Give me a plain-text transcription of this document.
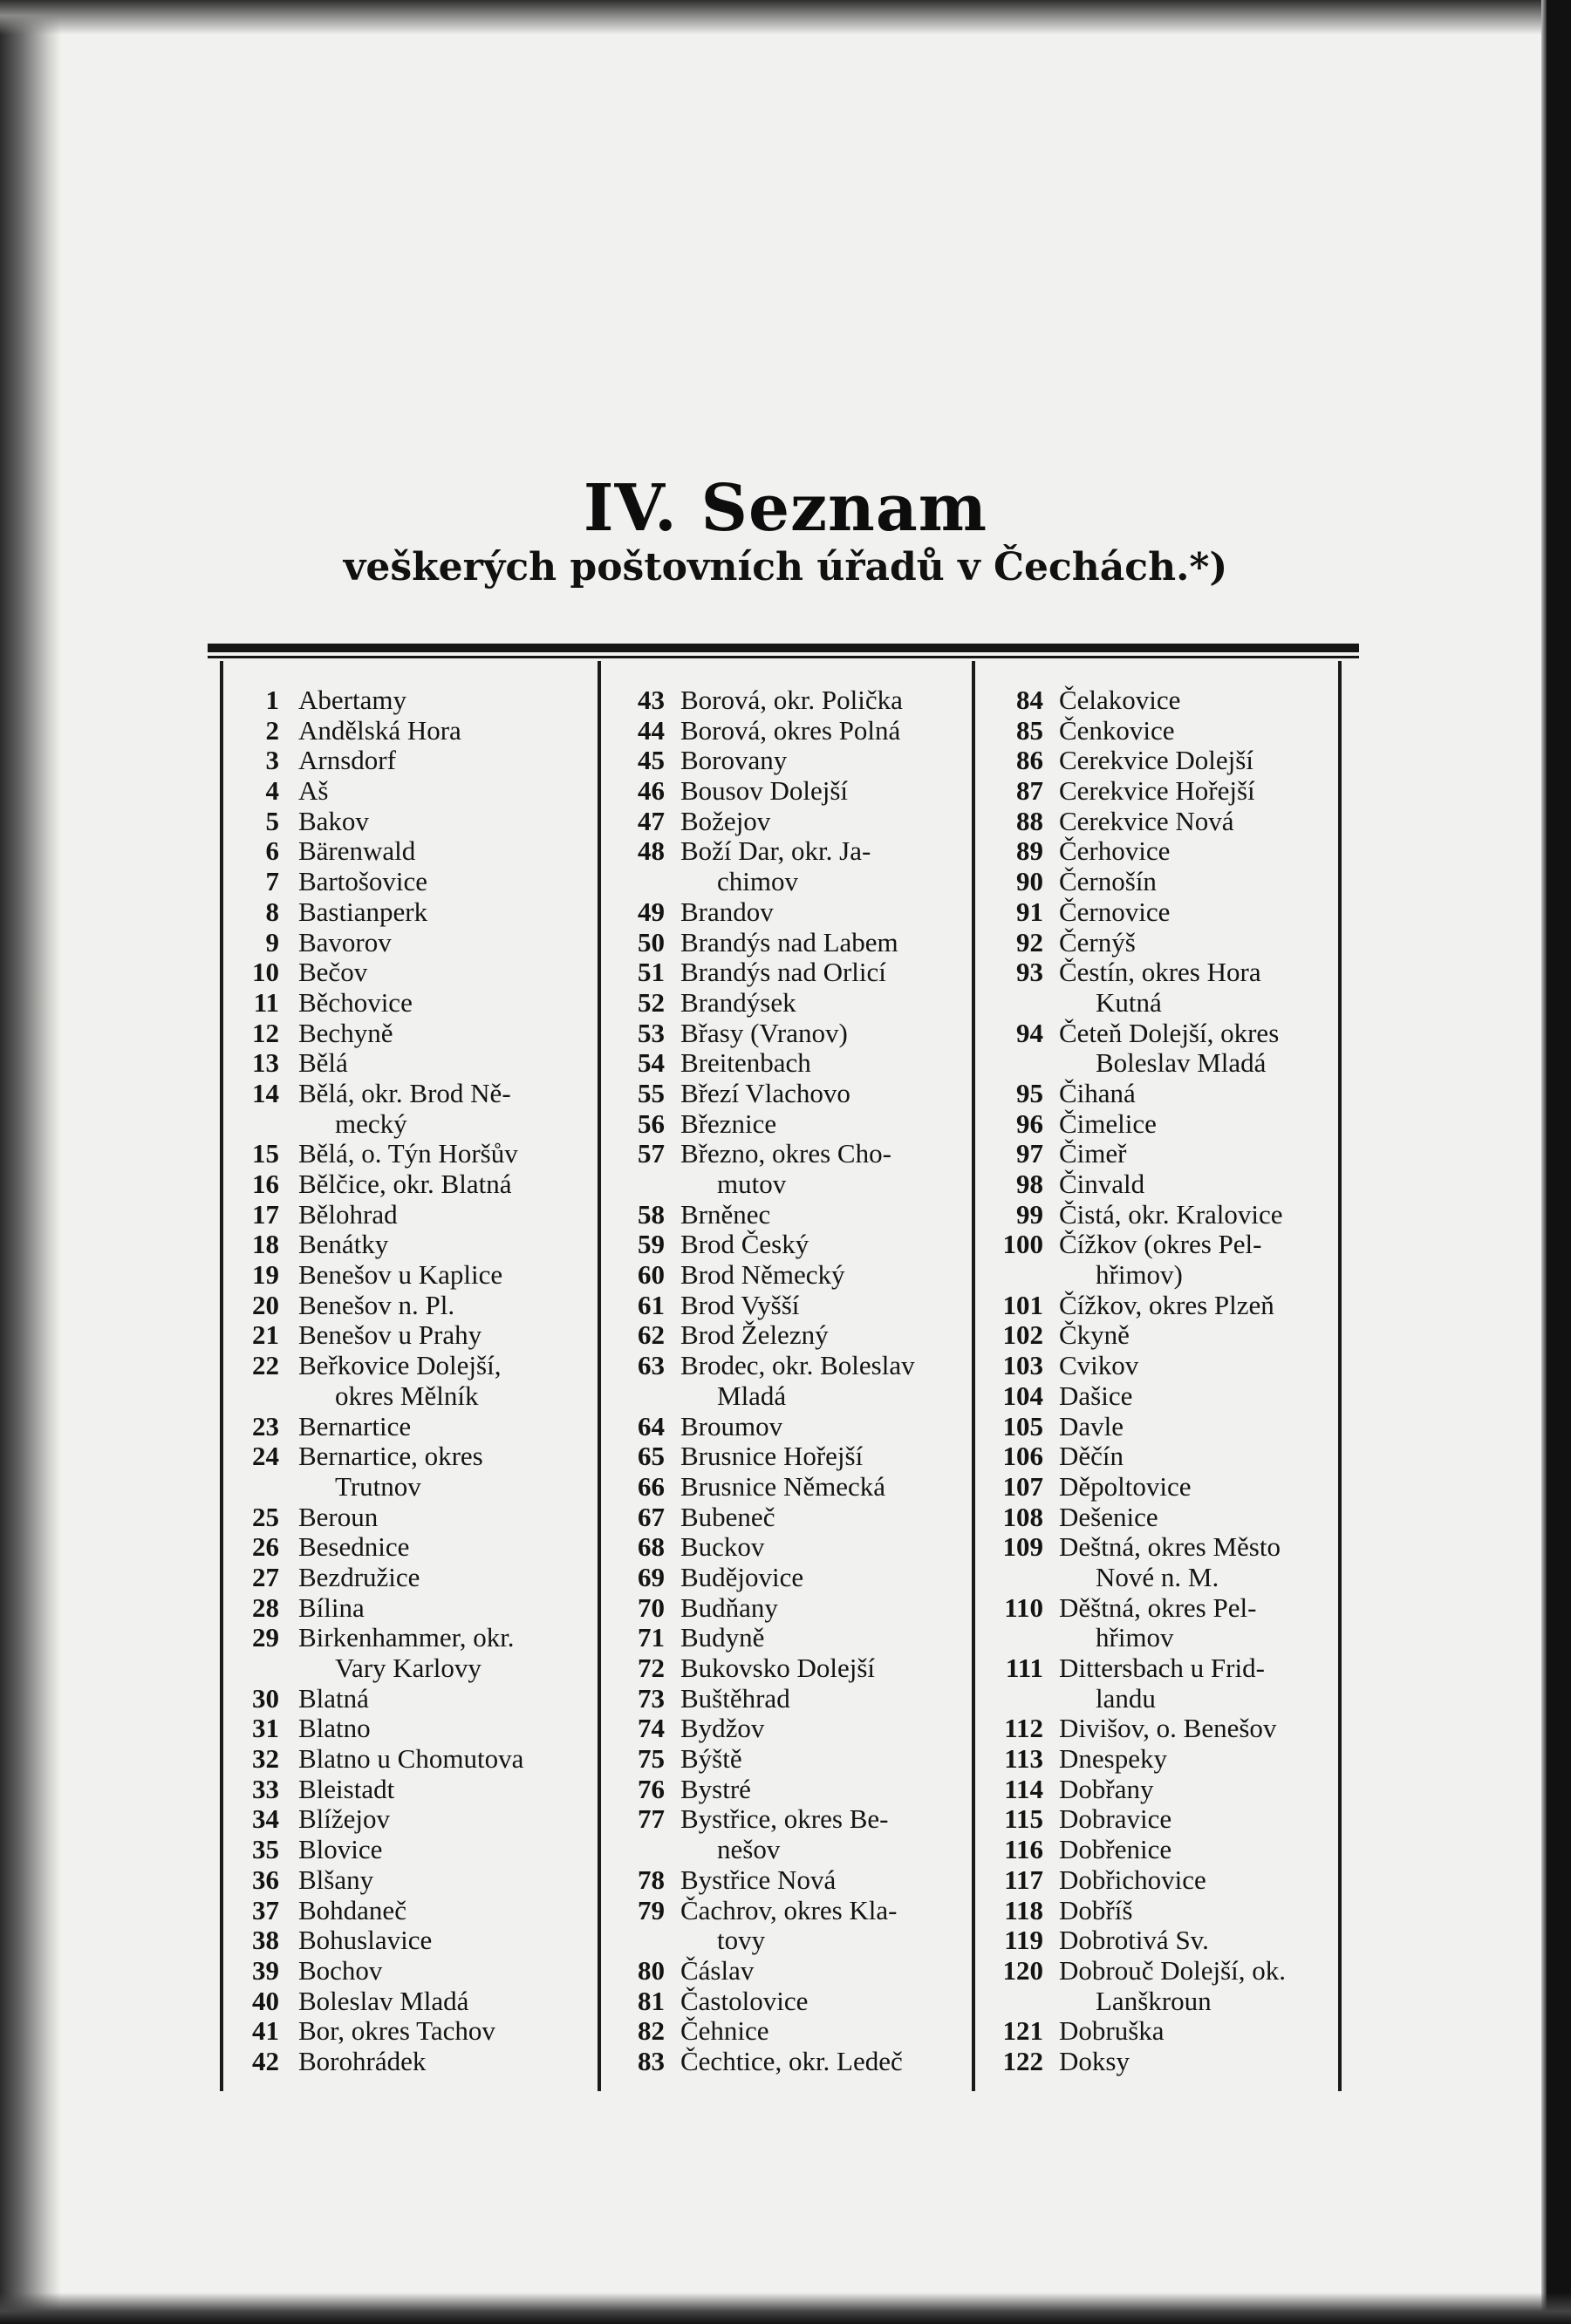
IV. Seznam
veškerých poštovních úřadů v Čechách.*)
1 Abertamy
2 Andělská Hora
3 Arnsdorf
4 Aš
5 Bakov
6 Bärenwald
7 Bartošovice
8 Bastianperk
9 Bavorov
10 Bečov
11 Běchovice
12 Bechyně
13 Bělá
14 Bělá, okr. Brod Ně-
mecký
15 Bělá, o. Týn Horšův
16 Bělčice, okr. Blatná
17 Bělohrad
18 Benátky
19 Benešov u Kaplice
20 Benešov n. Pl.
21 Benešov u Prahy
22 Beřkovice Dolejší,
okres Mělník
23 Bernartice
24 Bernartice, okres
Trutnov
25 Beroun
26 Besednice
27 Bezdružice
28 Bílina
29 Birkenhammer, okr.
Vary Karlovy
30 Blatná
31 Blatno
32 Blatno u Chomutova
33 Bleistadt
34 Blížejov
35 Blovice
36 Blšany
37 Bohdaneč
38 Bohuslavice
39 Bochov
40 Boleslav Mladá
41 Bor, okres Tachov
42 Borohrádek
43 Borová, okr. Polička
44 Borová, okres Polná
45 Borovany
46 Bousov Dolejší
47 Božejov
48 Boží Dar, okr. Ja-
chimov
49 Brandov
50 Brandýs nad Labem
51 Brandýs nad Orlicí
52 Brandýsek
53 Břasy (Vranov)
54 Breitenbach
55 Březí Vlachovo
56 Březnice
57 Březno, okres Cho-
mutov
58 Brněnec
59 Brod Český
60 Brod Německý
61 Brod Vyšší
62 Brod Železný
63 Brodec, okr. Boleslav
Mladá
64 Broumov
65 Brusnice Hořejší
66 Brusnice Německá
67 Bubeneč
68 Buckov
69 Budějovice
70 Budňany
71 Budyně
72 Bukovsko Dolejší
73 Buštěhrad
74 Bydžov
75 Býště
76 Bystré
77 Bystřice, okres Be-
nešov
78 Bystřice Nová
79 Čachrov, okres Kla-
tovy
80 Čáslav
81 Častolovice
82 Čehnice
83 Čechtice, okr. Ledeč
84 Čelakovice
85 Čenkovice
86 Cerekvice Dolejší
87 Cerekvice Hořejší
88 Cerekvice Nová
89 Čerhovice
90 Černošín
91 Černovice
92 Černýš
93 Čestín, okres Hora
Kutná
94 Četeň Dolejší, okres
Boleslav Mladá
95 Čihaná
96 Čimelice
97 Čimeř
98 Činvald
99 Čistá, okr. Kralovice
100 Čížkov (okres Pel-
hřimov)
101 Čížkov, okres Plzeň
102 Čkyně
103 Cvikov
104 Dašice
105 Davle
106 Děčín
107 Děpoltovice
108 Dešenice
109 Deštná, okres Město
Nové n. M.
110 Děštná, okres Pel-
hřimov
111 Dittersbach u Frid-
landu
112 Divišov, o. Benešov
113 Dnespeky
114 Dobřany
115 Dobravice
116 Dobřenice
117 Dobřichovice
118 Dobříš
119 Dobrotivá Sv.
120 Dobrouč Dolejší, ok.
Lanškroun
121 Dobruška
122 Doksy
